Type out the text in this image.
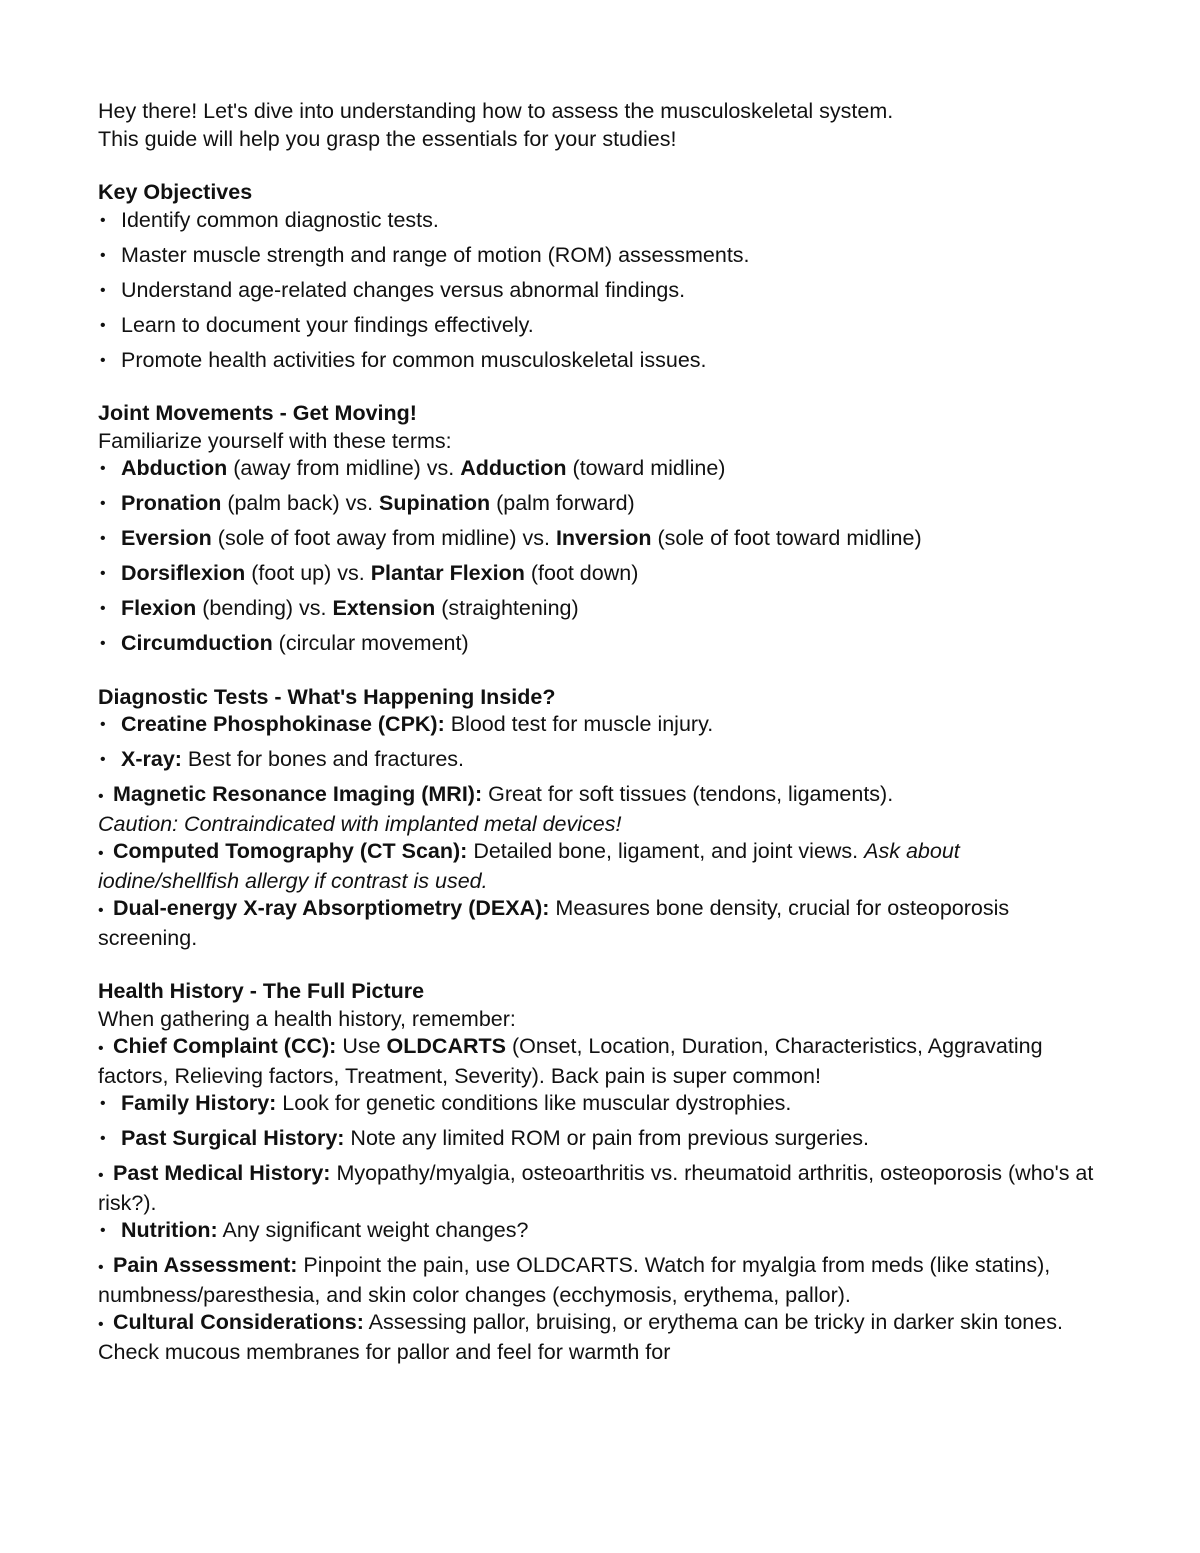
Hey there! Let's dive into understanding how to assess the musculoskeletal system.

This guide will help you grasp the essentials for your studies!

Key Objectives

• Identify common diagnostic tests.
• Master muscle strength and range of motion (ROM) assessments.
• Understand age-related changes versus abnormal findings.
• Learn to document your findings effectively.
• Promote health activities for common musculoskeletal issues.

Joint Movements - Get Moving!

Familiarize yourself with these terms:

• Abduction (away from midline) vs. Adduction (toward midline)
• Pronation (palm back) vs. Supination (palm forward)
• Eversion (sole of foot away from midline) vs. Inversion (sole of foot toward midline)
• Dorsiflexion (foot up) vs. Plantar Flexion (foot down)
• Flexion (bending) vs. Extension (straightening)
• Circumduction (circular movement)

Diagnostic Tests - What's Happening Inside?

• Creatine Phosphokinase (CPK): Blood test for muscle injury.
• X-ray: Best for bones and fractures.
• Magnetic Resonance Imaging (MRI): Great for soft tissues (tendons, ligaments).
Caution: Contraindicated with implanted metal devices!
• Computed Tomography (CT Scan): Detailed bone, ligament, and joint views. Ask about iodine/shellfish allergy if contrast is used.
• Dual-energy X-ray Absorptiometry (DEXA): Measures bone density, crucial for osteoporosis screening.

Health History - The Full Picture

When gathering a health history, remember:

• Chief Complaint (CC): Use OLDCARTS (Onset, Location, Duration, Characteristics, Aggravating factors, Relieving factors, Treatment, Severity). Back pain is super common!
• Family History: Look for genetic conditions like muscular dystrophies.
• Past Surgical History: Note any limited ROM or pain from previous surgeries.
• Past Medical History: Myopathy/myalgia, osteoarthritis vs. rheumatoid arthritis, osteoporosis (who's at risk?).
• Nutrition: Any significant weight changes?
• Pain Assessment: Pinpoint the pain, use OLDCARTS. Watch for myalgia from meds (like statins), numbness/paresthesia, and skin color changes (ecchymosis, erythema, pallor).
• Cultural Considerations: Assessing pallor, bruising, or erythema can be tricky in darker skin tones. Check mucous membranes for pallor and feel for warmth for
